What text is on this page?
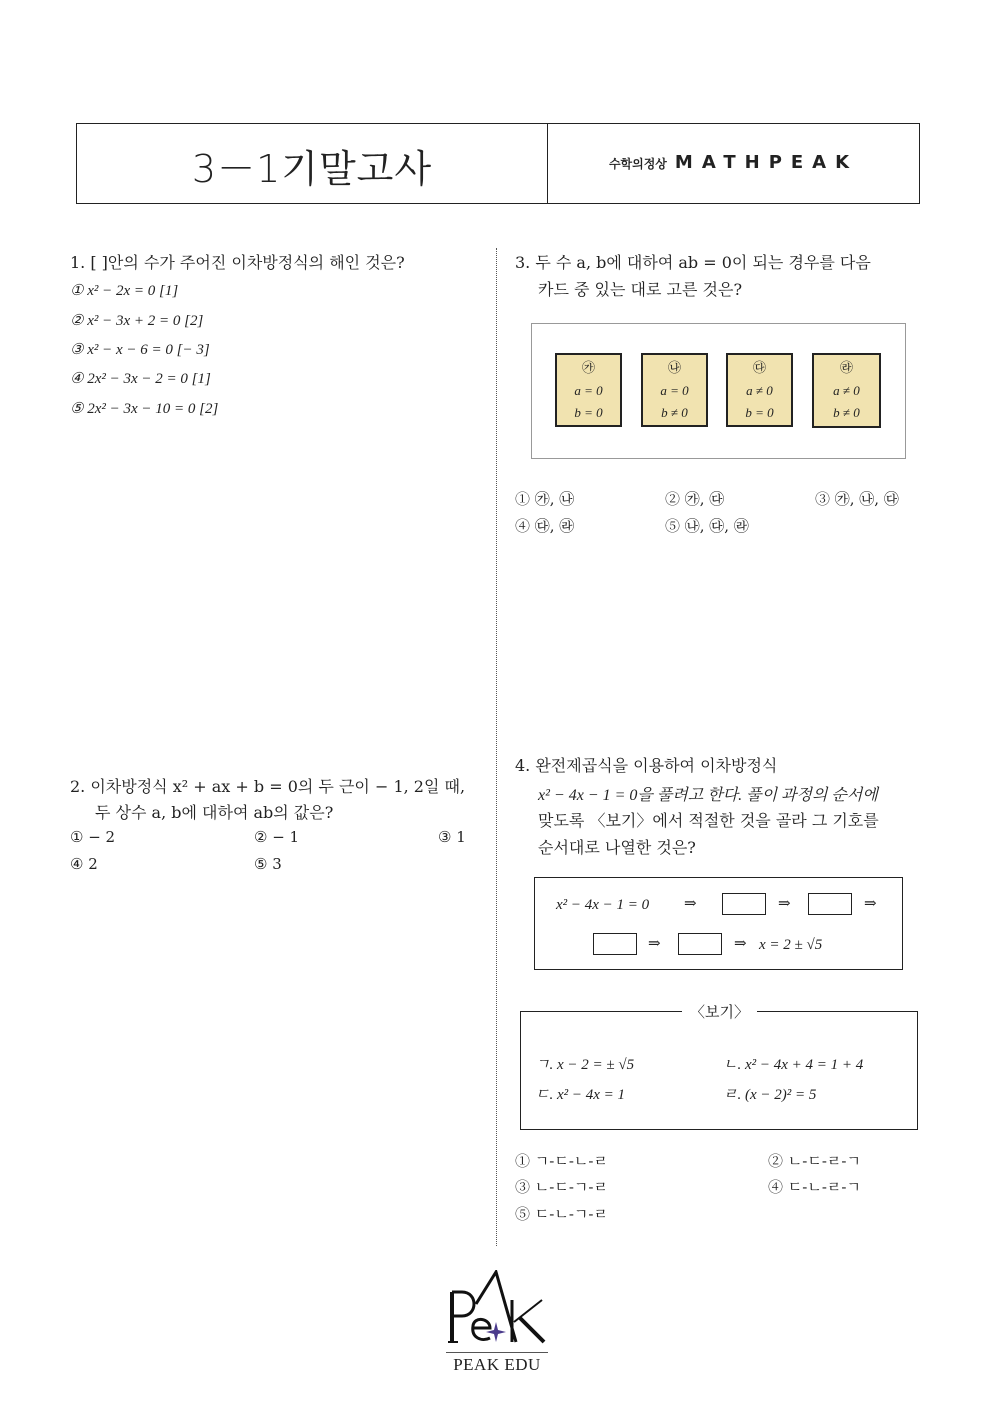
3－1기말고사	수학의정상 MATHPEAK
1. [ ]안의 수가 주어진 이차방정식의 해인 것은?
① x² − 2x = 0 [1]
② x² − 3x + 2 = 0 [2]
③ x² − x − 6 = 0 [− 3]
④ 2x² − 3x − 2 = 0 [1]
⑤ 2x² − 3x − 10 = 0 [2]
2. 이차방정식 x² + ax + b = 0의 두 근이 − 1, 2일 때,
두 상수 a, b에 대하여 ab의 값은?
① − 2	② − 1	③ 1
④ 2	⑤ 3
3. 두 수 a, b에 대하여 ab = 0이 되는 경우를 다음
카드 중 있는 대로 고른 것은?
㉮
a = 0
b = 0
㉯
a = 0
b ≠ 0
㉰
a ≠ 0
b = 0
㉱
a ≠ 0
b ≠ 0
① ㉮, ㉯	② ㉮, ㉰	③ ㉮, ㉯, ㉰
④ ㉰, ㉱	⑤ ㉯, ㉰, ㉱
4. 완전제곱식을 이용하여 이차방정식
x² − 4x − 1 = 0을 풀려고 한다. 풀이 과정의 순서에
맞도록 〈보기〉에서 적절한 것을 골라 그 기호를
순서대로 나열한 것은?
x² − 4x − 1 = 0 ⇒	⇒	⇒
⇒	⇒ x = 2 ± √5
〈보기〉
ㄱ. x − 2 = ± √5	ㄴ. x² − 4x + 4 = 1 + 4
ㄷ. x² − 4x = 1	ㄹ. (x − 2)² = 5
① ㄱ-ㄷ-ㄴ-ㄹ	② ㄴ-ㄷ-ㄹ-ㄱ
③ ㄴ-ㄷ-ㄱ-ㄹ	④ ㄷ-ㄴ-ㄹ-ㄱ
⑤ ㄷ-ㄴ-ㄱ-ㄹ
PEAK EDU
